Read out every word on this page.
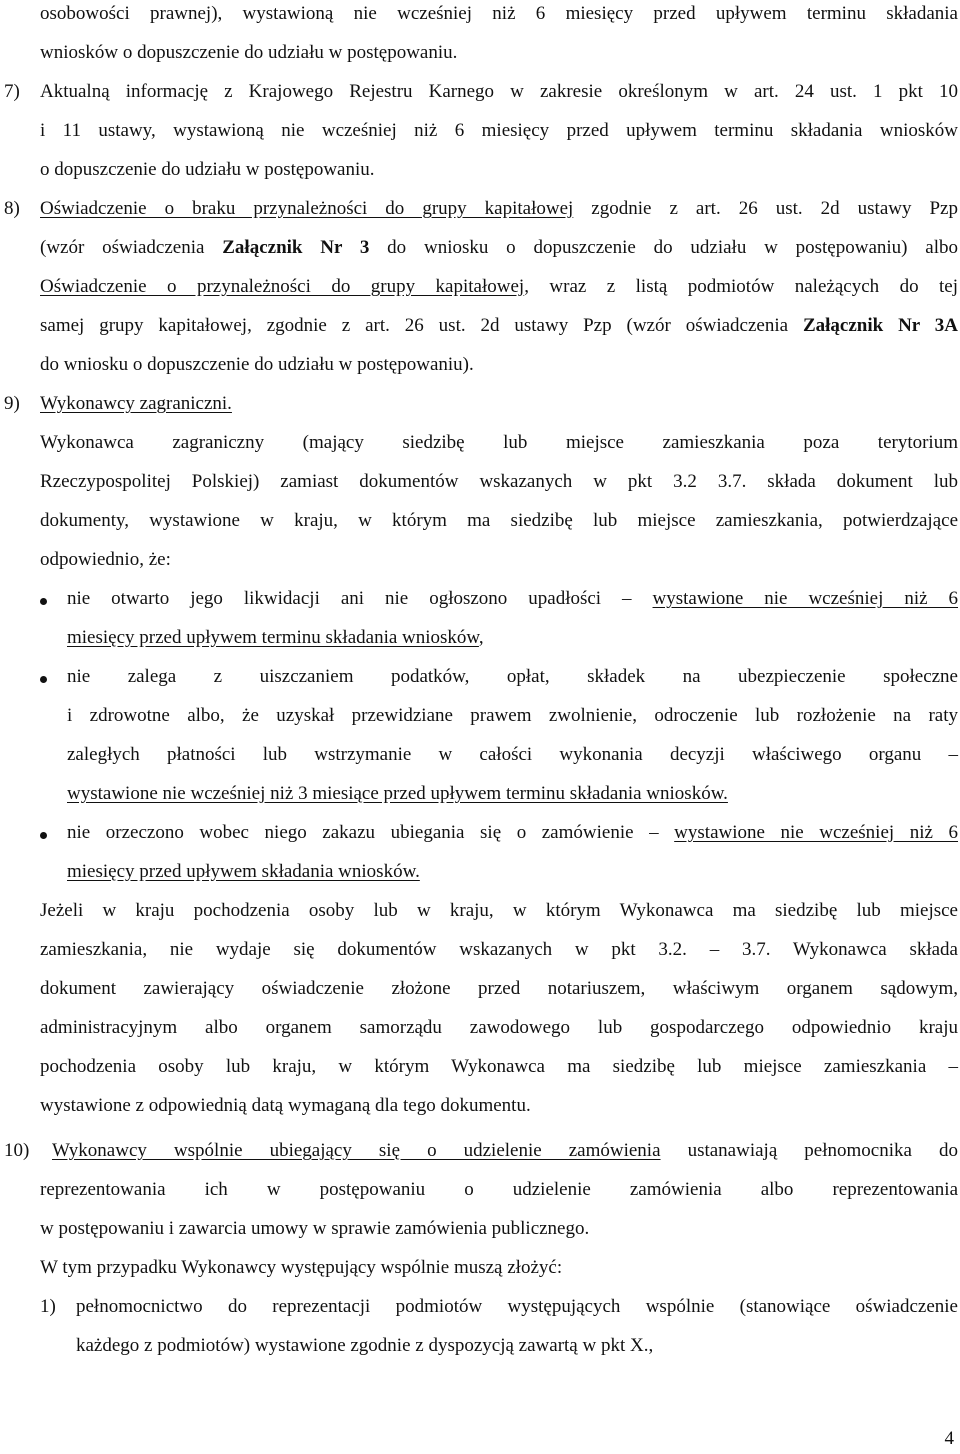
osobowości prawnej), wystawioną nie wcześniej niż 6 miesięcy przed upływem terminu składania

wniosków o dopuszczenie do udziału w postępowaniu.

7) Aktualną informację z Krajowego Rejestru Karnego w zakresie określonym w art. 24 ust. 1 pkt 10

i 11 ustawy, wystawioną nie wcześniej niż 6 miesięcy przed upływem terminu składania wniosków

o dopuszczenie do udziału w postępowaniu.

8) Oświadczenie o braku przynależności do grupy kapitałowej zgodnie z art. 26 ust. 2d ustawy Pzp

(wzór oświadczenia Załącznik Nr 3 do wniosku o dopuszczenie do udziału w postępowaniu) albo

Oświadczenie o przynależności do grupy kapitałowej, wraz z listą podmiotów należących do tej

samej grupy kapitałowej, zgodnie z art. 26 ust. 2d ustawy Pzp (wzór oświadczenia Załącznik Nr 3A

do wniosku o dopuszczenie do udziału w postępowaniu).

9) Wykonawcy zagraniczni.

Wykonawca zagraniczny (mający siedzibę lub miejsce zamieszkania poza terytorium

Rzeczypospolitej Polskiej) zamiast dokumentów wskazanych w pkt 3.2 3.7. składa dokument lub

dokumenty, wystawione w kraju, w którym ma siedzibę lub miejsce zamieszkania, potwierdzające

odpowiednio, że:

nie otwarto jego likwidacji ani nie ogłoszono upadłości – wystawione nie wcześniej niż 6

miesięcy przed upływem terminu składania wniosków,

nie zalega z uiszczaniem podatków, opłat, składek na ubezpieczenie społeczne

i zdrowotne albo, że uzyskał przewidziane prawem zwolnienie, odroczenie lub rozłożenie na raty

zaległych płatności lub wstrzymanie w całości wykonania decyzji właściwego organu –

wystawione nie wcześniej niż 3 miesiące przed upływem terminu składania wniosków.

nie orzeczono wobec niego zakazu ubiegania się o zamówienie – wystawione nie wcześniej niż 6

miesięcy przed upływem składania wniosków.

Jeżeli w kraju pochodzenia osoby lub w kraju, w którym Wykonawca ma siedzibę lub miejsce

zamieszkania, nie wydaje się dokumentów wskazanych w pkt 3.2. – 3.7. Wykonawca składa

dokument zawierający oświadczenie złożone przed notariuszem, właściwym organem sądowym,

administracyjnym albo organem samorządu zawodowego lub gospodarczego odpowiednio kraju

pochodzenia osoby lub kraju, w którym Wykonawca ma siedzibę lub miejsce zamieszkania –

wystawione z odpowiednią datą wymaganą dla tego dokumentu.

10) Wykonawcy wspólnie ubiegający się o udzielenie zamówienia ustanawiają pełnomocnika do

reprezentowania ich w postępowaniu o udzielenie zamówienia albo reprezentowania

w postępowaniu i zawarcia umowy w sprawie zamówienia publicznego.

W tym przypadku Wykonawcy występujący wspólnie muszą złożyć:

1) pełnomocnictwo do reprezentacji podmiotów występujących wspólnie (stanowiące oświadczenie

każdego z podmiotów) wystawione zgodnie z dyspozycją zawartą w pkt X.,

4
